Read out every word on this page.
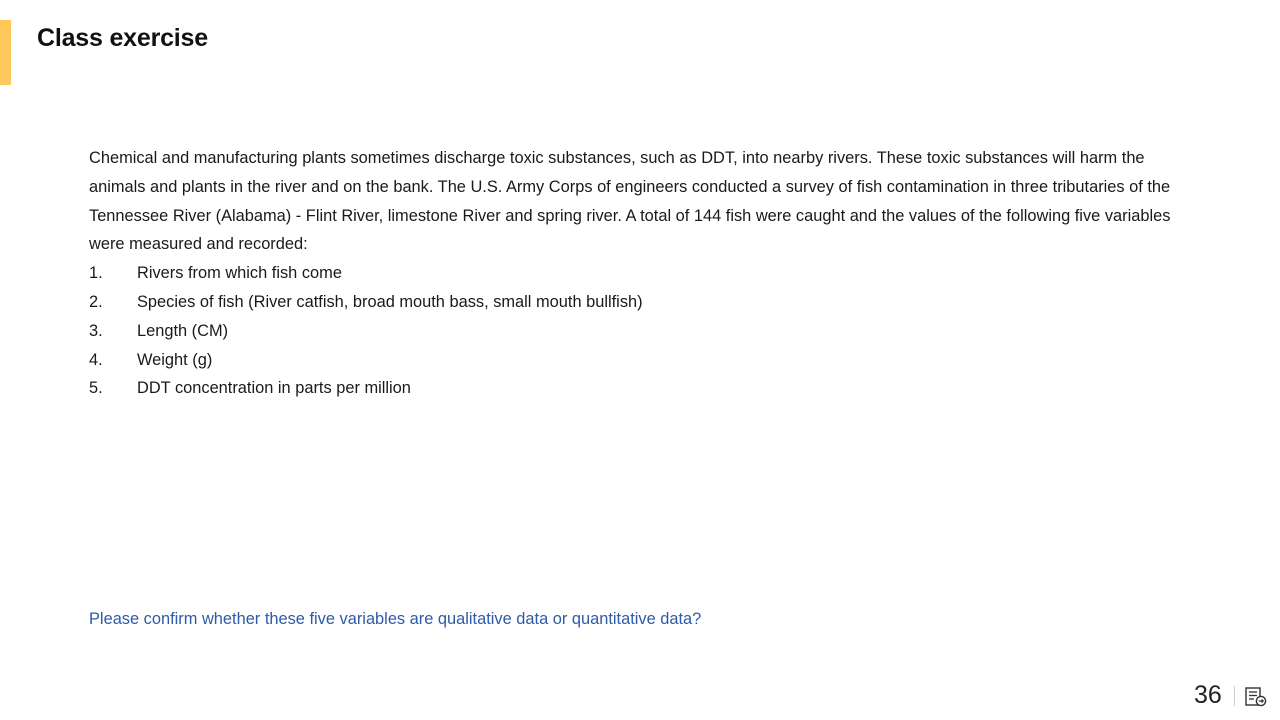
Class exercise

Chemical and manufacturing plants sometimes discharge toxic substances, such as DDT, into nearby rivers. These toxic substances will harm the animals and plants in the river and on the bank. The U.S. Army Corps of engineers conducted a survey of fish contamination in three tributaries of the Tennessee River (Alabama) - Flint River, limestone River and spring river. A total of 144 fish were caught and the values of the following five variables were measured and recorded:

1.	Rivers from which fish come
2.	Species of fish (River catfish, broad mouth bass, small mouth bullfish)
3.	Length (CM)
4.	Weight (g)
5.	DDT concentration in parts per million

Please confirm whether these five variables are qualitative data or quantitative data?

36
